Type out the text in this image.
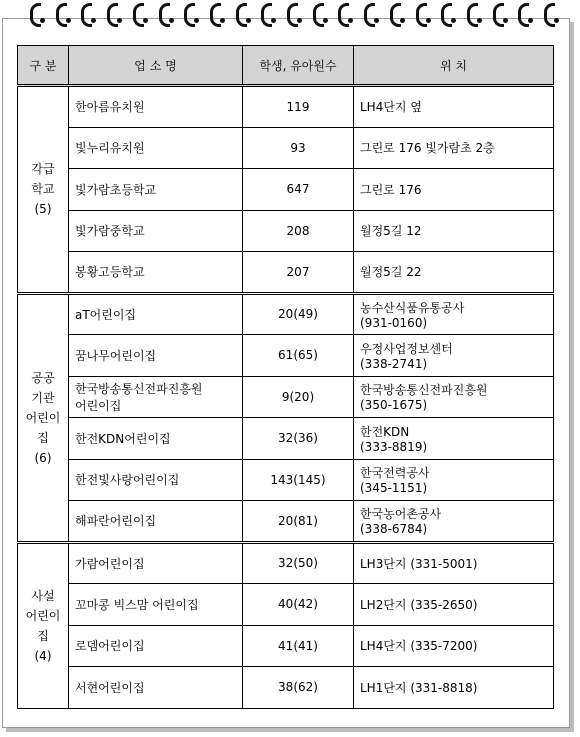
구 분	업 소 명	학생, 유아원수	위 치

각급
학교
(5)	한아름유치원	119	LH4단지 옆

	빛누리유치원	93	그린로 176 빛가람초 2층

	빛가람초등학교	647	그린로 176

	빛가람중학교	208	월정5길 12

	봉황고등학교	207	월정5길 22

공공
기관
어린이
집
(6)	aT어린이집	20(49)	농수산식품유통공사
(931-0160)

	꿈나무어린이집	61(65)	우정사업정보센터
(338-2741)

	한국방송통신전파진흥원
어린이집	9(20)	한국방송통신전파진흥원
(350-1675)

	한전KDN어린이집	32(36)	한전KDN
(333-8819)

	한전빛사랑어린이집	143(145)	한국전력공사
(345-1151)

	해파란어린이집	20(81)	한국농어촌공사
(338-6784)

사설
어린이
집
(4)	가람어린이집	32(50)	LH3단지 (331-5001)

	꼬마콩 빅스맘 어린이집	40(42)	LH2단지 (335-2650)

	로뎀어린이집	41(41)	LH4단지 (335-7200)

	서현어린이집	38(62)	LH1단지 (331-8818)
